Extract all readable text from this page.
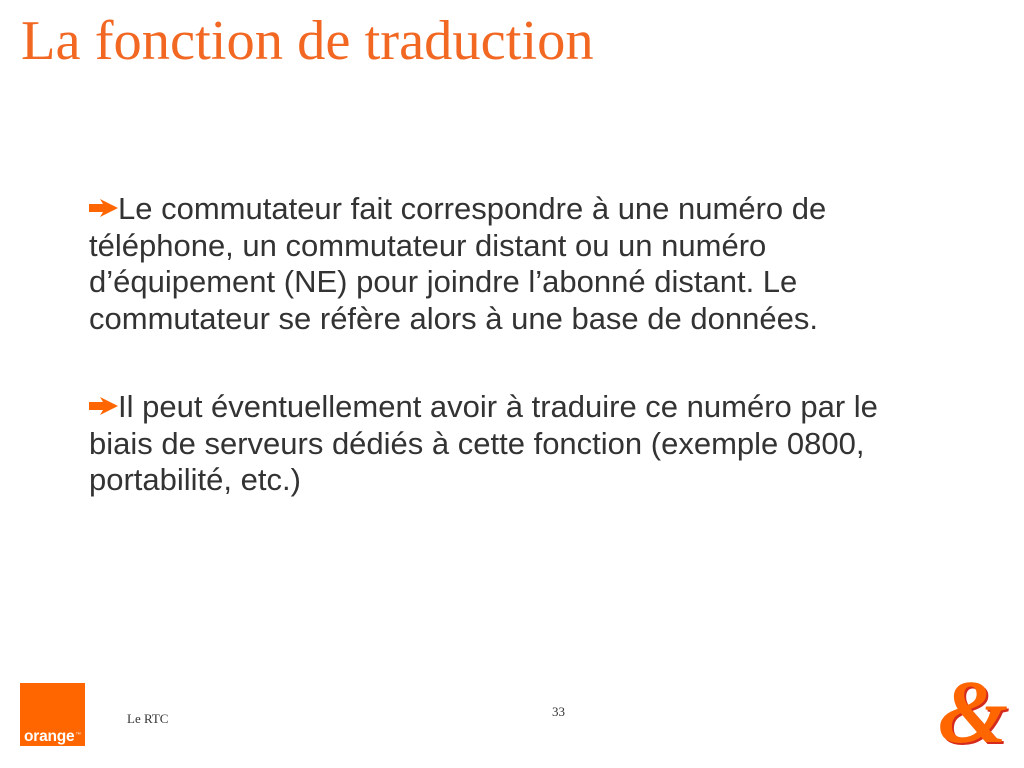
La fonction de traduction
Le commutateur fait correspondre à une numéro de téléphone, un commutateur distant ou un numéro d’équipement (NE) pour joindre l’abonné distant. Le commutateur se réfère alors à une base de données.
Il peut éventuellement avoir à traduire ce numéro par le biais de serveurs dédiés à cette fonction (exemple 0800, portabilité, etc.)
orange™
Le RTC	33	&
